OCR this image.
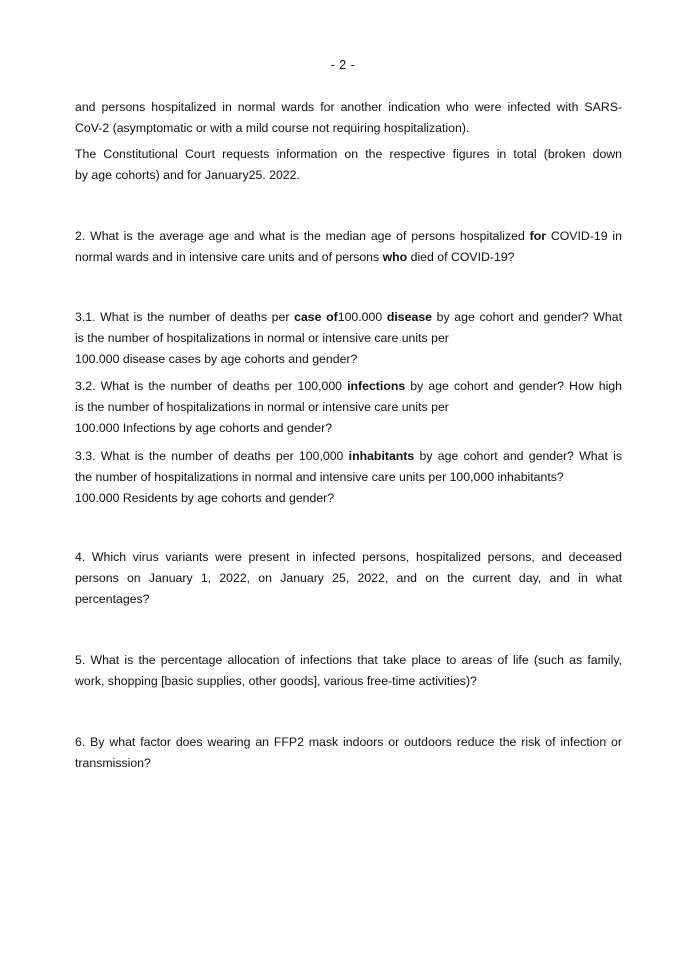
- 2 -
and persons hospitalized in normal wards for another indication who were infected with SARS-
CoV-2 (asymptomatic or with a mild course not requiring hospitalization).
The Constitutional Court requests information on the respective figures in total (broken down
by age cohorts) and for January25. 2022.
2. What is the average age and what is the median age of persons hospitalized for COVID-19 in
normal wards and in intensive care units and of persons who died of COVID-19?
3.1. What is the number of deaths per case of100.000 disease by age cohort and gender? What
is the number of hospitalizations in normal or intensive care units per
100.000 disease cases by age cohorts and gender?
3.2. What is the number of deaths per 100,000 infections by age cohort and gender? How high
is the number of hospitalizations in normal or intensive care units per
100.000 Infections by age cohorts and gender?
3.3. What is the number of deaths per 100,000 inhabitants by age cohort and gender? What is
the number of hospitalizations in normal and intensive care units per 100,000 inhabitants?
100.000 Residents by age cohorts and gender?
4. Which virus variants were present in infected persons, hospitalized persons, and deceased
persons on January 1, 2022, on January 25, 2022, and on the current day, and in what
percentages?
5. What is the percentage allocation of infections that take place to areas of life (such as family,
work, shopping [basic supplies, other goods], various free-time activities)?
6. By what factor does wearing an FFP2 mask indoors or outdoors reduce the risk of infection or
transmission?
